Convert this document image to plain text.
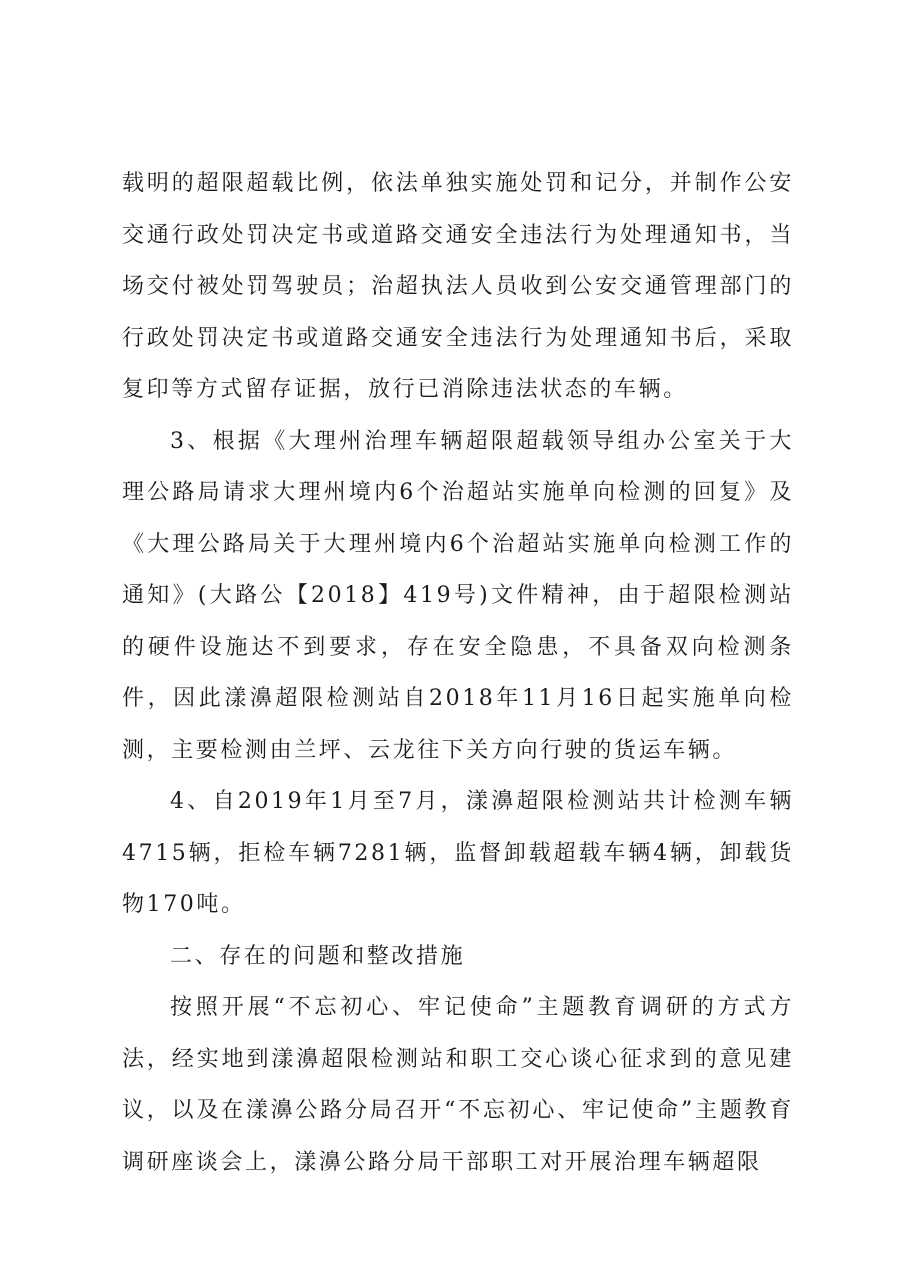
载明的超限超载比例，依法单独实施处罚和记分，并制作公安交通行政处罚决定书或道路交通安全违法行为处理通知书，当场交付被处罚驾驶员；治超执法人员收到公安交通管理部门的行政处罚决定书或道路交通安全违法行为处理通知书后，采取复印等方式留存证据，放行已消除违法状态的车辆。

3、根据《大理州治理车辆超限超载领导组办公室关于大理公路局请求大理州境内6个治超站实施单向检测的回复》及《大理公路局关于大理州境内6个治超站实施单向检测工作的通知》(大路公【2018】419号)文件精神，由于超限检测站的硬件设施达不到要求，存在安全隐患，不具备双向检测条件，因此漾濞超限检测站自2018年11月16日起实施单向检测，主要检测由兰坪、云龙往下关方向行驶的货运车辆。

4、自2019年1月至7月，漾濞超限检测站共计检测车辆4715辆，拒检车辆7281辆，监督卸载超载车辆4辆，卸载货物170吨。

二、存在的问题和整改措施

按照开展“不忘初心、牢记使命”主题教育调研的方式方法，经实地到漾濞超限检测站和职工交心谈心征求到的意见建议，以及在漾濞公路分局召开“不忘初心、牢记使命”主题教育调研座谈会上，漾濞公路分局干部职工对开展治理车辆超限
